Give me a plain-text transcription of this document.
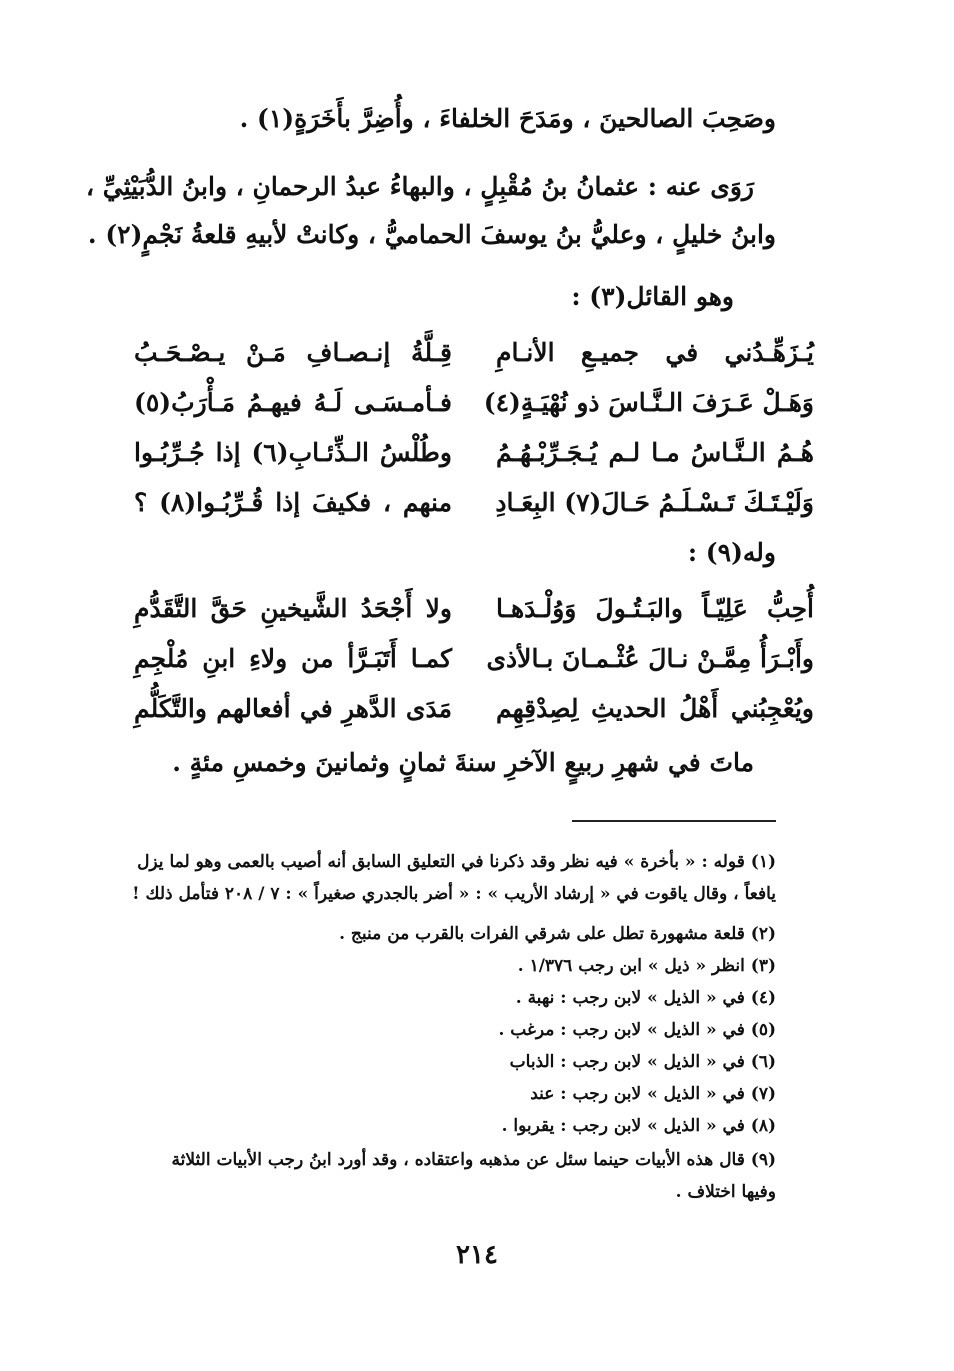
وصَحِبَ الصالحينَ ، ومَدَحَ الخلفاءَ ، وأُضِرَّ بأَخَرَةٍ(١) .
رَوَى عنه : عثمانُ بنُ مُقْبِلٍ ، والبهاءُ عبدُ الرحمانِ ، وابنُ الدُّبَيْثِيِّ ،
وابنُ خليلٍ ، وعليُّ بنُ يوسفَ الحماميُّ ، وكانتْ لأبيهِ قلعةُ نَجْمٍ(٢) .
وهو القائل(٣) :
يُـزَهِّـدُني في جميـعِ الأنـامِ
قِـلَّةُ إنـصـافِ مَـنْ يـصْـحَـبُ
وَهَـلْ عَـرَفَ الـنَّـاسَ ذو نُهْيَـةٍ(٤)
فـأمـسَـى لَـهُ فيهـمُ مَـأْرَبُ(٥)
هُـمُ الـنَّـاسُ مـا لـم يُـجَـرِّبْـهُـمُ
وطُلْسُ الـذِّئـابِ(٦) إذا جُـرِّبُـوا
وَلَيْـتَـكَ تَـسْـلَـمُ حَـالَ(٧) البِعَـادِ
منهم ، فكيفَ إذا قُـرِّبُـوا(٨) ؟
وله(٩) :
أُحِبُّ عَلِيّـاً والبَـتُـولَ وَوُلْـدَهـا
ولا أَجْحَدُ الشَّيخينِ حَقَّ التَّقَدُّمِ
وأَبْـرَأُ مِمَّـنْ نـالَ عُثْـمـانَ بـالأذى
كمـا أَتَبَـرَّأ من ولاءِ ابنِ مُلْجِمِ
ويُعْجِبُني أَهْلُ الحديثِ لِصِدْقِهِم
مَدَى الدَّهرِ في أفعالهم والتَّكَلُّمِ
ماتَ في شهرِ ربيعٍ الآخرِ سنةَ ثمانٍ وثمانينَ وخمسِ مئةٍ .
(١) قوله : « بأخرة » فيه نظر وقد ذكرنا في التعليق السابق أنه أصيب بالعمى وهو لما يزل
يافعاً ، وقال ياقوت في « إرشاد الأريب » : « أضر بالجدري صغيراً » : ٧ / ٢٠٨ فتأمل ذلك !
(٢) قلعة مشهورة تطل على شرقي الفرات بالقرب من منبج .
(٣) انظر « ذيل » ابن رجب ١/٣٧٦ .
(٤) في « الذيل » لابن رجب : نهبة .
(٥) في « الذيل » لابن رجب : مرغب .
(٦) في « الذيل » لابن رجب : الذباب
(٧) في « الذيل » لابن رجب : عند
(٨) في « الذيل » لابن رجب : يقربوا .
(٩) قال هذه الأبيات حينما سئل عن مذهبه واعتقاده ، وقد أورد ابنُ رجب الأبيات الثلاثة
وفيها اختلاف .
٢١٤
